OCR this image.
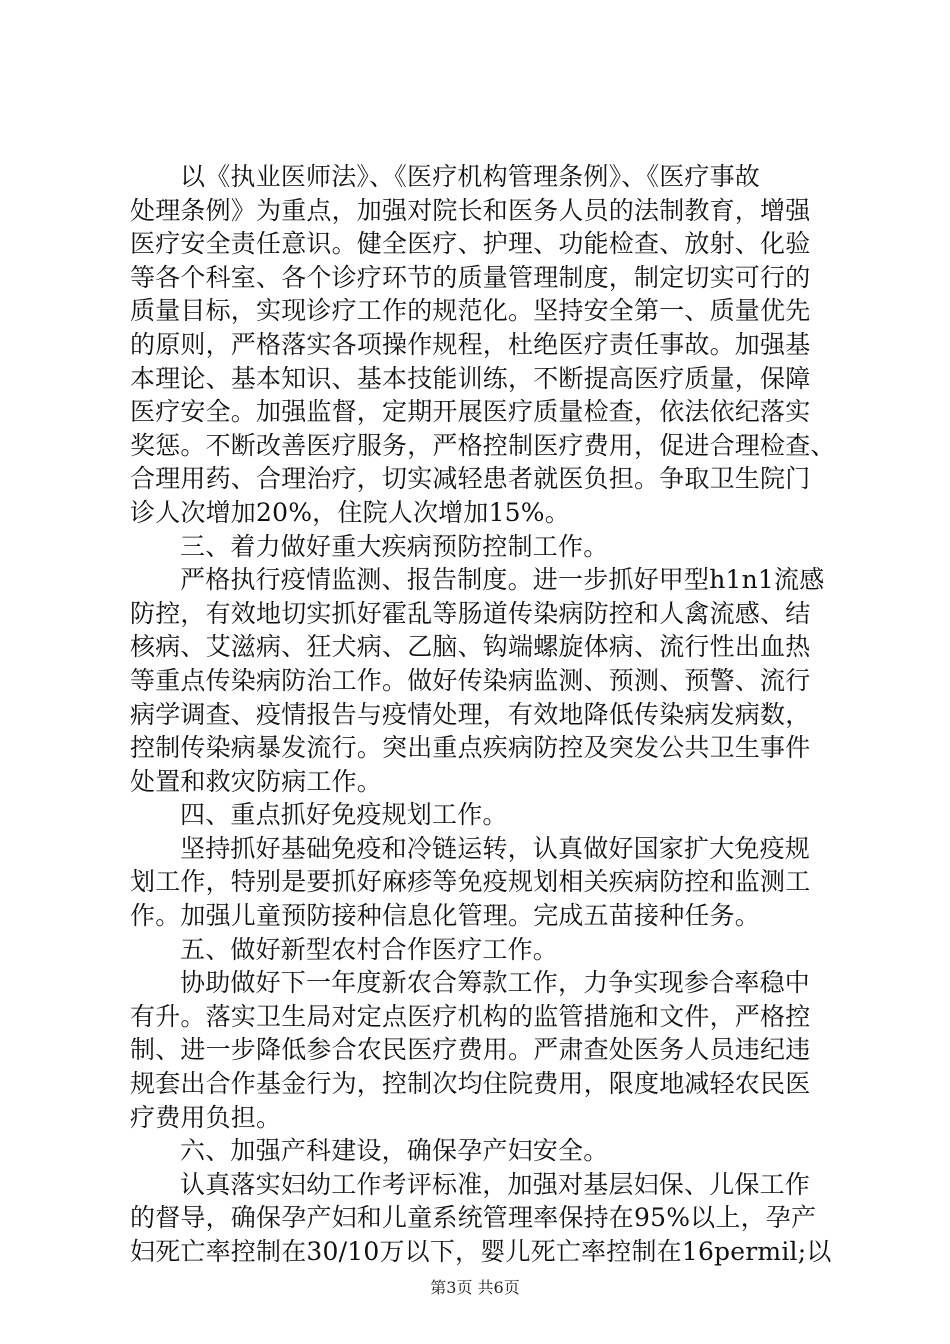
以《执业医师法》、《医疗机构管理条例》、《医疗事故
处理条例》为重点，加强对院长和医务人员的法制教育，增强
医疗安全责任意识。健全医疗、护理、功能检查、放射、化验
等各个科室、各个诊疗环节的质量管理制度，制定切实可行的
质量目标，实现诊疗工作的规范化。坚持安全第一、质量优先
的原则，严格落实各项操作规程，杜绝医疗责任事故。加强基
本理论、基本知识、基本技能训练，不断提高医疗质量，保障
医疗安全。加强监督，定期开展医疗质量检查，依法依纪落实
奖惩。不断改善医疗服务，严格控制医疗费用，促进合理检查、
合理用药、合理治疗，切实减轻患者就医负担。争取卫生院门
诊人次增加20%，住院人次增加15%。
三、着力做好重大疾病预防控制工作。
严格执行疫情监测、报告制度。进一步抓好甲型h1n1流感
防控，有效地切实抓好霍乱等肠道传染病防控和人禽流感、结
核病、艾滋病、狂犬病、乙脑、钩端螺旋体病、流行性出血热
等重点传染病防治工作。做好传染病监测、预测、预警、流行
病学调查、疫情报告与疫情处理，有效地降低传染病发病数，
控制传染病暴发流行。突出重点疾病防控及突发公共卫生事件
处置和救灾防病工作。
四、重点抓好免疫规划工作。
坚持抓好基础免疫和冷链运转，认真做好国家扩大免疫规
划工作，特别是要抓好麻疹等免疫规划相关疾病防控和监测工
作。加强儿童预防接种信息化管理。完成五苗接种任务。
五、做好新型农村合作医疗工作。
协助做好下一年度新农合筹款工作，力争实现参合率稳中
有升。落实卫生局对定点医疗机构的监管措施和文件，严格控
制、进一步降低参合农民医疗费用。严肃查处医务人员违纪违
规套出合作基金行为，控制次均住院费用，限度地减轻农民医
疗费用负担。
六、加强产科建设，确保孕产妇安全。
认真落实妇幼工作考评标准，加强对基层妇保、儿保工作
的督导，确保孕产妇和儿童系统管理率保持在95%以上，孕产
妇死亡率控制在30/10万以下，婴儿死亡率控制在16permil;以
第3页 共6页
